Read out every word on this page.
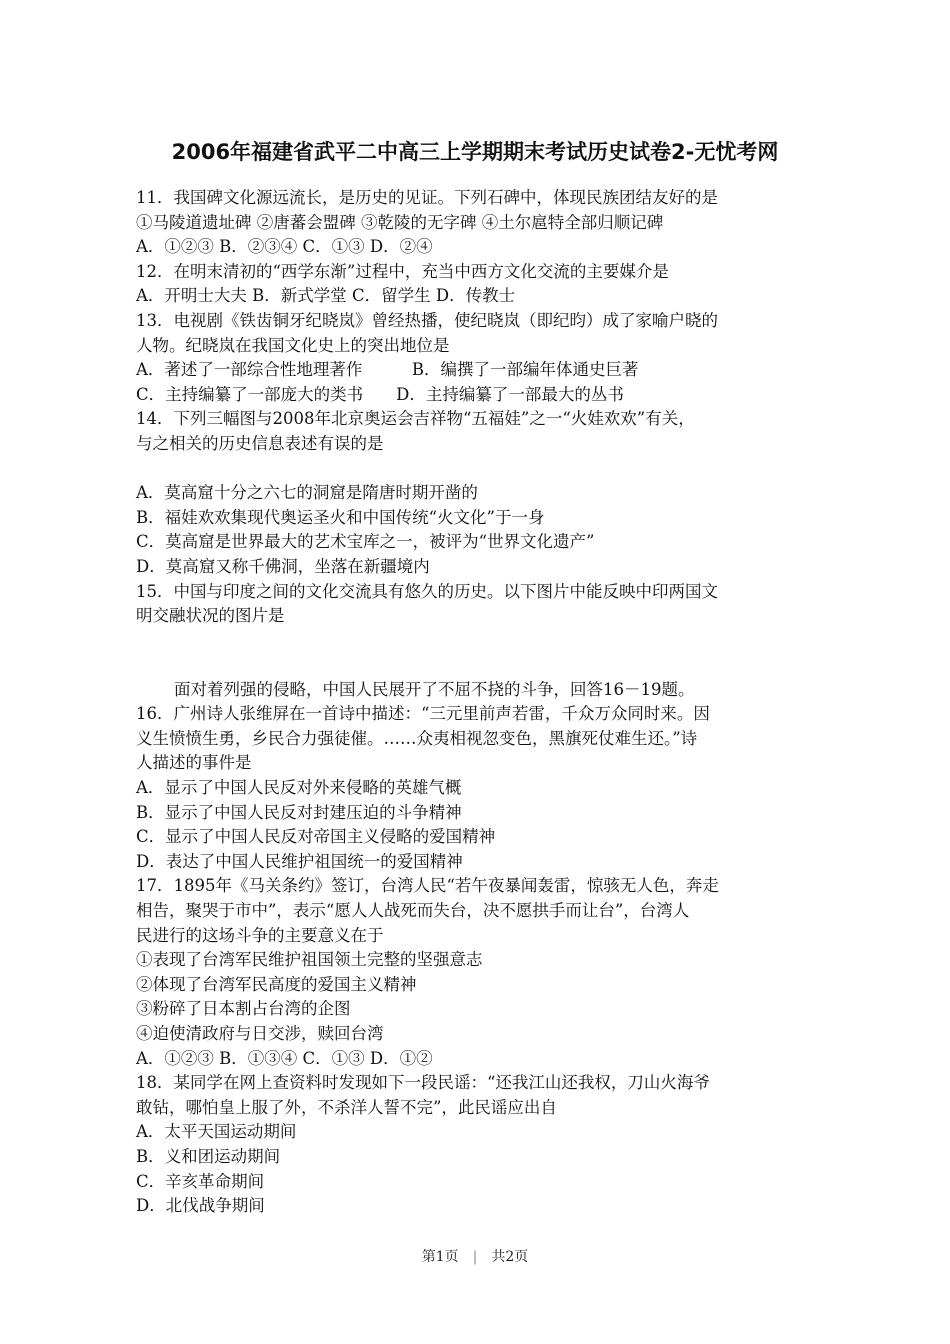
2006年福建省武平二中高三上学期期末考试历史试卷2-无忧考网
11．我国碑文化源远流长，是历史的见证。下列石碑中，体现民族团结友好的是
①马陵道遗址碑 ②唐蕃会盟碑 ③乾陵的无字碑 ④土尔扈特全部归顺记碑
A．①②③ B．②③④ C．①③ D．②④
12．在明末清初的“西学东渐”过程中，充当中西方文化交流的主要媒介是
A．开明士大夫 B．新式学堂 C．留学生 D．传教士
13．电视剧《铁齿铜牙纪晓岚》曾经热播，使纪晓岚（即纪昀）成了家喻户晓的
人物。纪晓岚在我国文化史上的突出地位是
A．著述了一部综合性地理著作　　　B．编撰了一部编年体通史巨著
C．主持编纂了一部庞大的类书　　D．主持编纂了一部最大的丛书
14．下列三幅图与2008年北京奥运会吉祥物“五福娃”之一“火娃欢欢”有关，
与之相关的历史信息表述有误的是
A．莫高窟十分之六七的洞窟是隋唐时期开凿的
B．福娃欢欢集现代奥运圣火和中国传统“火文化”于一身
C．莫高窟是世界最大的艺术宝库之一，被评为“世界文化遗产”
D．莫高窟又称千佛洞，坐落在新疆境内
15．中国与印度之间的文化交流具有悠久的历史。以下图片中能反映中印两国文
明交融状况的图片是
面对着列强的侵略，中国人民展开了不屈不挠的斗争，回答16－19题。
16．广州诗人张维屏在一首诗中描述：“三元里前声若雷，千众万众同时来。因
义生愤愤生勇，乡民合力强徒催。……众夷相视忽变色，黑旗死仗难生还。”诗
人描述的事件是
A．显示了中国人民反对外来侵略的英雄气概
B．显示了中国人民反对封建压迫的斗争精神
C．显示了中国人民反对帝国主义侵略的爱国精神
D．表达了中国人民维护祖国统一的爱国精神
17．1895年《马关条约》签订，台湾人民“若午夜暴闻轰雷，惊骇无人色，奔走
相告，聚哭于市中”，表示“愿人人战死而失台，决不愿拱手而让台”，台湾人
民进行的这场斗争的主要意义在于
①表现了台湾军民维护祖国领土完整的坚强意志
②体现了台湾军民高度的爱国主义精神
③粉碎了日本割占台湾的企图
④迫使清政府与日交涉，赎回台湾
A．①②③ B．①③④ C．①③ D．①②
18．某同学在网上查资料时发现如下一段民谣：“还我江山还我权，刀山火海爷
敢钻，哪怕皇上服了外，不杀洋人誓不完”，此民谣应出自
A．太平天国运动期间
B．义和团运动期间
C．辛亥革命期间
D．北伐战争期间
第1页 | 共2页
